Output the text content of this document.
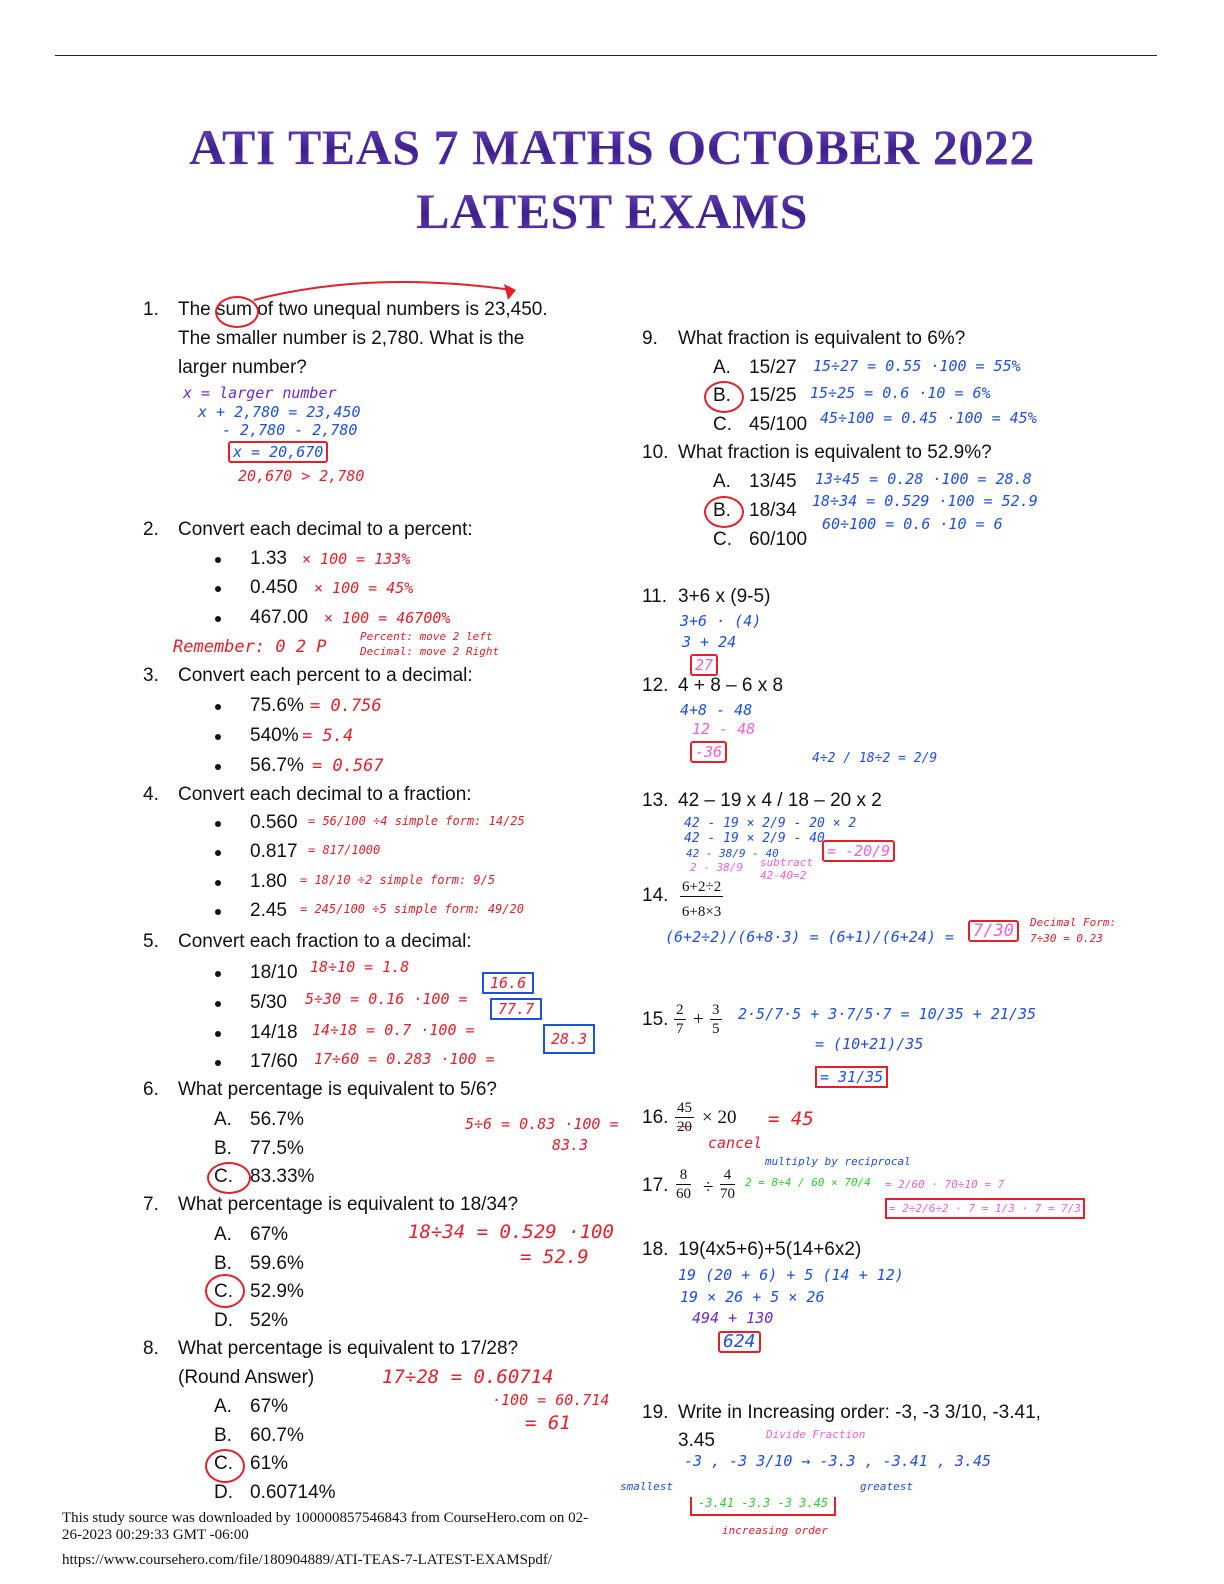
ATI TEAS 7 MATHS OCTOBER 2022
LATEST EXAMS
1. The sum of two unequal numbers is 23,450.
The smaller number is 2,780. What is the
larger number?
x = larger number
x + 2,780 = 23,450
- 2,780 - 2,780
x = 20,670
20,670 > 2,780
2. Convert each decimal to a percent:
1.33
0.450
467.00
× 100 = 133%
× 100 = 45%
× 100 = 46700%
Remember: 0 2 P
Percent: move 2 left
Decimal: move 2 Right
3. Convert each percent to a decimal:
75.6%
540%
56.7%
= 0.756
= 5.4
= 0.567
4. Convert each decimal to a fraction:
0.560
0.817
1.80
2.45
= 56/100 ÷4 simple form: 14/25
= 817/1000
= 18/10 ÷2 simple form: 9/5
= 245/100 ÷5 simple form: 49/20
5. Convert each fraction to a decimal:
18/10
5/30
14/18
17/60
18÷10 = 1.8
5÷30 = 0.16 ·100 =
16.6
14÷18 = 0.7 ·100 =
77.7
17÷60 = 0.283 ·100 =
28.3
6. What percentage is equivalent to 5/6?
A. 56.7%
B. 77.5%
C. 83.33%
5÷6 = 0.83 ·100 =
83.3
7. What percentage is equivalent to 18/34?
A. 67%
B. 59.6%
C. 52.9%
D. 52%
18÷34 = 0.529 ·100
= 52.9
8. What percentage is equivalent to 17/28?
(Round Answer)
A. 67%
B. 60.7%
C. 61%
D. 0.60714%
17÷28 = 0.60714
·100 = 60.714
= 61
9. What fraction is equivalent to 6%?
A. 15/27
B. 15/25
C. 45/100
15÷27 = 0.55 ·100 = 55%
15÷25 = 0.6 ·10 = 6%
45÷100 = 0.45 ·100 = 45%
10. What fraction is equivalent to 52.9%?
A. 13/45
B. 18/34
C. 60/100
13÷45 = 0.28 ·100 = 28.8
18÷34 = 0.529 ·100 = 52.9
60÷100 = 0.6 ·10 = 6
11. 3+6 x (9-5)
3+6 · (4)
3 + 24
27
12. 4 + 8 – 6 x 8
4+8 - 48
12 - 48
-36
13. 42 – 19 x 4 / 18 – 20 x 2
4÷2 / 18÷2 = 2/9
42 - 19 × 2/9 - 20 × 2
42 - 19 × 2/9 - 40
42 - 38/9 - 40
2 - 38/9 subtract 42-40=2
= -20/9
14. $\frac{6+2\div 2}{6+8\times 3}$
(6+2÷2)/(6+8·3) = (6+1)/(6+24) = 7/30	Decimal Form:
7÷30 = 0.23
15. $\frac{2}{7} + \frac{3}{5} 2\cdot 5/7\cdot 5 + 3\cdot 7/5\cdot 7 = 10/35 + 21/35$
= (10+21)/35
= 31/35
16. $\frac{45}{20} \times 20$
cancel
= 45
17. $\frac{8}{60} \div \frac{4}{70}$
multiply by reciprocal
2 = 8÷4 / 60 × 70/4 = 2/60 · 70÷10 = 7
= 2÷2/6÷2 · 7 = 1/3 · 7 = 7/3
18. 19(4x5+6)+5(14+6x2)
19 (20 + 6) + 5 (14 + 12)
19 × 26 + 5 × 26
494 + 130
624
19. Write in Increasing order: -3, -3 3/10, -3.41,
3.45	Divide Fraction
-3 , -3 3/10 → -3.3 , -3.41 , 3.45
smallest	greatest
-3.41 -3.3 -3 3.45
increasing order
This study source was downloaded by 100000857546843 from CourseHero.com on 02-26-2023 00:29:33 GMT -06:00
https://www.coursehero.com/file/180904889/ATI-TEAS-7-LATEST-EXAMSpdf/
